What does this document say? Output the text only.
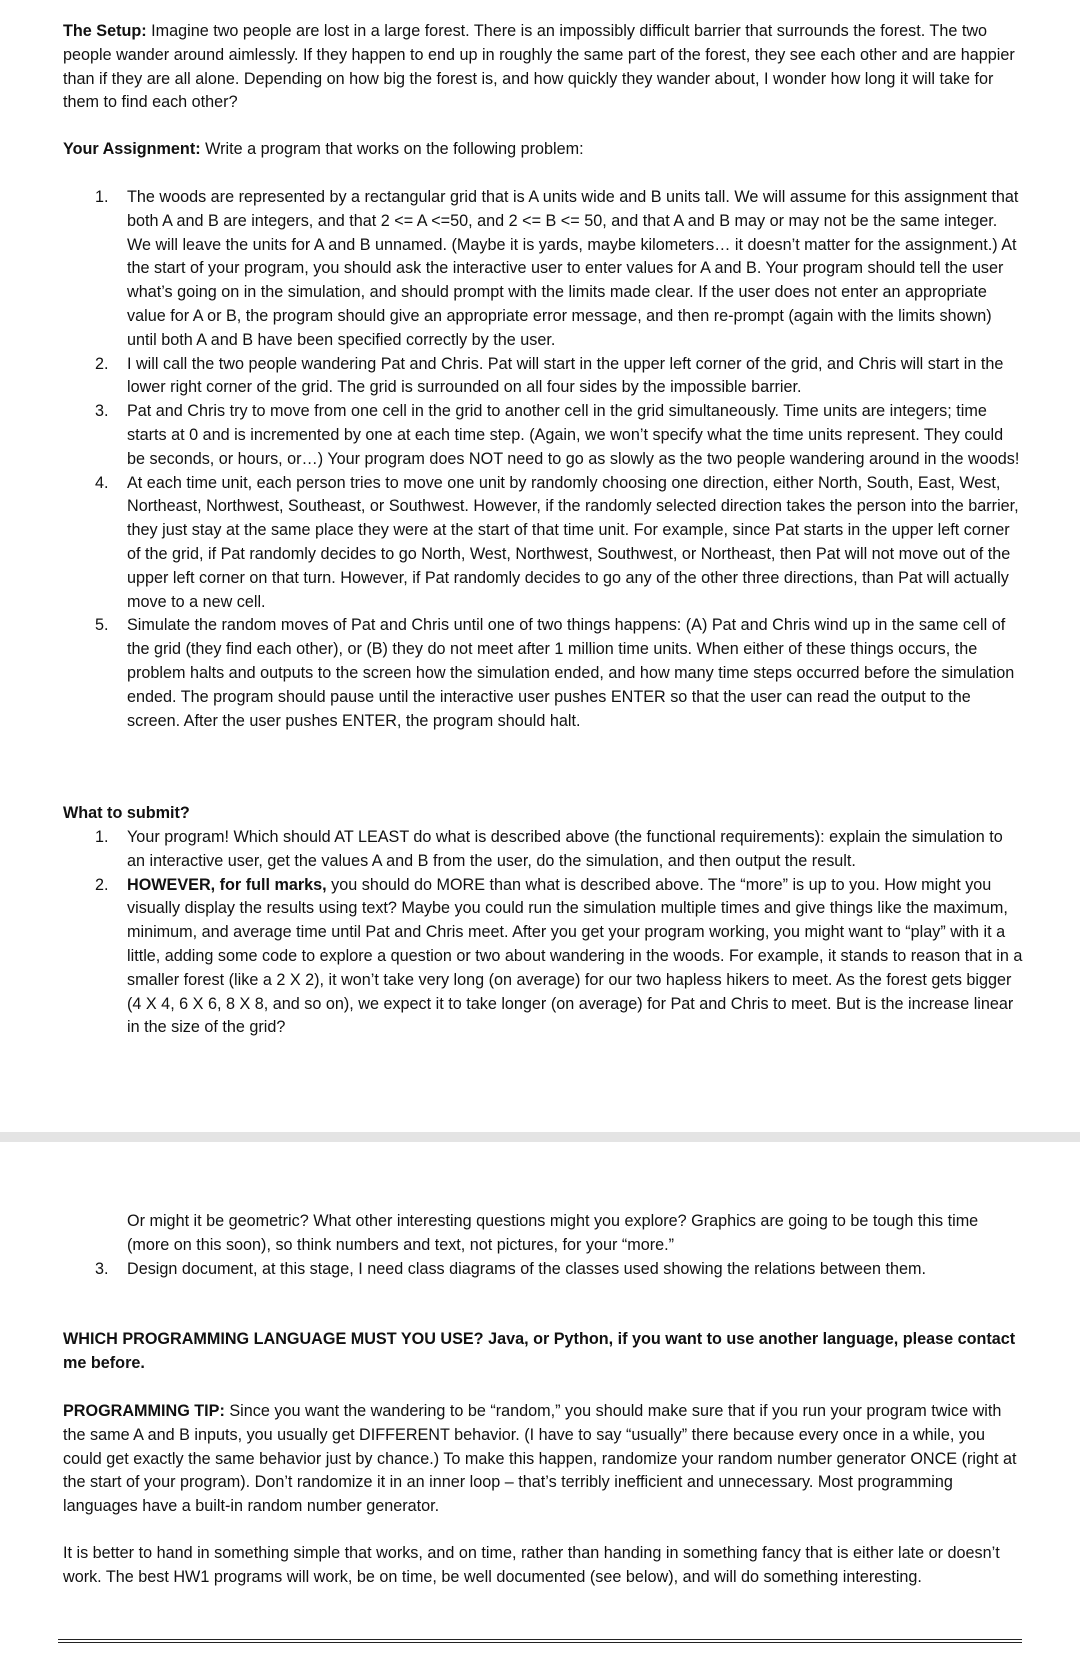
The Setup: Imagine two people are lost in a large forest. There is an impossibly difficult barrier that surrounds the forest. The two people wander around aimlessly. If they happen to end up in roughly the same part of the forest, they see each other and are happier than if they are all alone. Depending on how big the forest is, and how quickly they wander about, I wonder how long it will take for them to find each other?

Your Assignment: Write a program that works on the following problem:

1. The woods are represented by a rectangular grid that is A units wide and B units tall. We will assume for this assignment that both A and B are integers, and that 2 <= A <=50, and 2 <= B <= 50, and that A and B may or may not be the same integer. We will leave the units for A and B unnamed. (Maybe it is yards, maybe kilometers… it doesn’t matter for the assignment.) At the start of your program, you should ask the interactive user to enter values for A and B. Your program should tell the user what’s going on in the simulation, and should prompt with the limits made clear. If the user does not enter an appropriate value for A or B, the program should give an appropriate error message, and then re-prompt (again with the limits shown) until both A and B have been specified correctly by the user.
2. I will call the two people wandering Pat and Chris. Pat will start in the upper left corner of the grid, and Chris will start in the lower right corner of the grid. The grid is surrounded on all four sides by the impossible barrier.
3. Pat and Chris try to move from one cell in the grid to another cell in the grid simultaneously. Time units are integers; time starts at 0 and is incremented by one at each time step. (Again, we won’t specify what the time units represent. They could be seconds, or hours, or…) Your program does NOT need to go as slowly as the two people wandering around in the woods!
4. At each time unit, each person tries to move one unit by randomly choosing one direction, either North, South, East, West, Northeast, Northwest, Southeast, or Southwest. However, if the randomly selected direction takes the person into the barrier, they just stay at the same place they were at the start of that time unit. For example, since Pat starts in the upper left corner of the grid, if Pat randomly decides to go North, West, Northwest, Southwest, or Northeast, then Pat will not move out of the upper left corner on that turn. However, if Pat randomly decides to go any of the other three directions, than Pat will actually move to a new cell.
5. Simulate the random moves of Pat and Chris until one of two things happens: (A) Pat and Chris wind up in the same cell of the grid (they find each other), or (B) they do not meet after 1 million time units. When either of these things occurs, the problem halts and outputs to the screen how the simulation ended, and how many time steps occurred before the simulation ended. The program should pause until the interactive user pushes ENTER so that the user can read the output to the screen. After the user pushes ENTER, the program should halt.

What to submit?

1. Your program! Which should AT LEAST do what is described above (the functional requirements): explain the simulation to an interactive user, get the values A and B from the user, do the simulation, and then output the result.
2. HOWEVER, for full marks, you should do MORE than what is described above. The “more” is up to you. How might you visually display the results using text? Maybe you could run the simulation multiple times and give things like the maximum, minimum, and average time until Pat and Chris meet. After you get your program working, you might want to “play” with it a little, adding some code to explore a question or two about wandering in the woods. For example, it stands to reason that in a smaller forest (like a 2 X 2), it won’t take very long (on average) for our two hapless hikers to meet. As the forest gets bigger (4 X 4, 6 X 6, 8 X 8, and so on), we expect it to take longer (on average) for Pat and Chris to meet. But is the increase linear in the size of the grid?

Or might it be geometric? What other interesting questions might you explore? Graphics are going to be tough this time (more on this soon), so think numbers and text, not pictures, for your “more.”

3. Design document, at this stage, I need class diagrams of the classes used showing the relations between them.

WHICH PROGRAMMING LANGUAGE MUST YOU USE? Java, or Python, if you want to use another language, please contact me before.

PROGRAMMING TIP: Since you want the wandering to be “random,” you should make sure that if you run your program twice with the same A and B inputs, you usually get DIFFERENT behavior. (I have to say “usually” there because every once in a while, you could get exactly the same behavior just by chance.) To make this happen, randomize your random number generator ONCE (right at the start of your program). Don’t randomize it in an inner loop – that’s terribly inefficient and unnecessary. Most programming languages have a built-in random number generator.

It is better to hand in something simple that works, and on time, rather than handing in something fancy that is either late or doesn’t work. The best HW1 programs will work, be on time, be well documented (see below), and will do something interesting.
